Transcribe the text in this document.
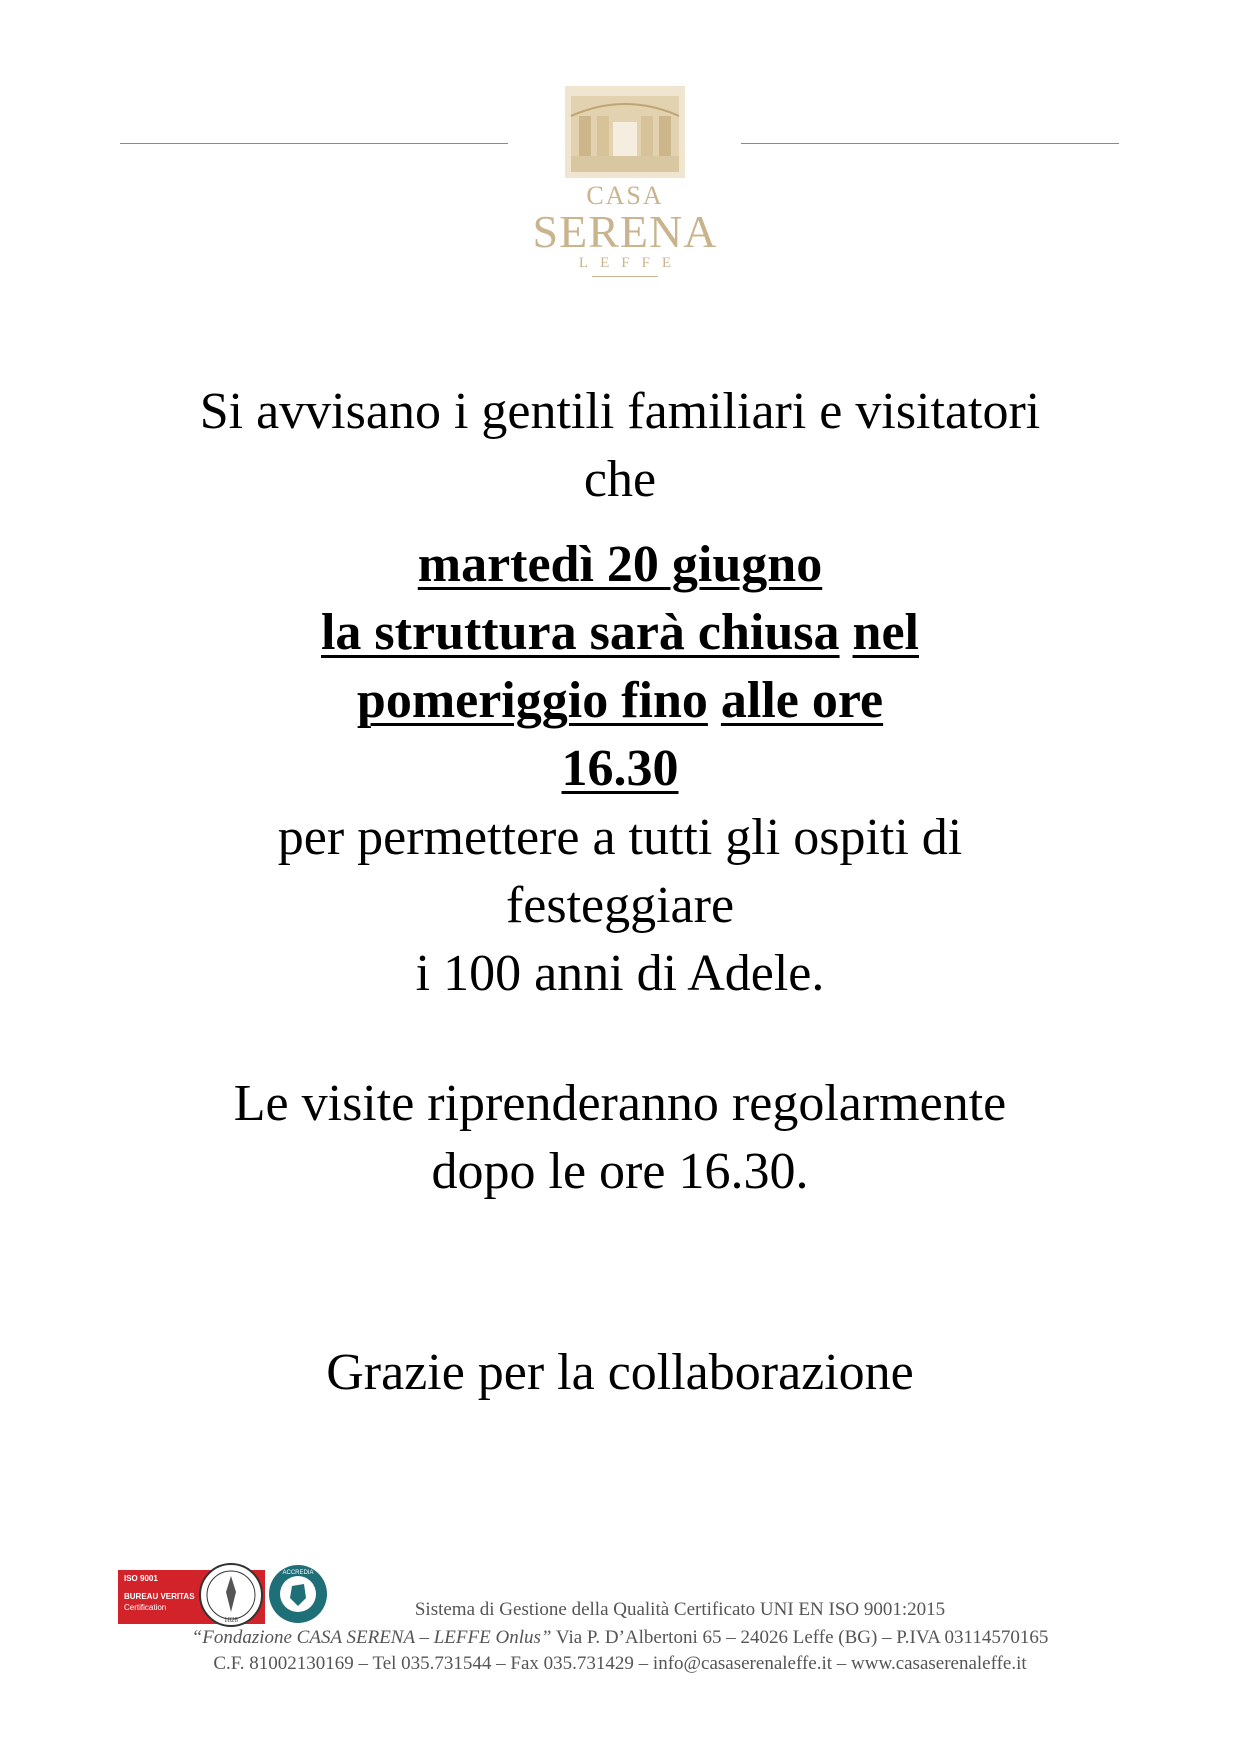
CASA
SERENA
LEFFE
Si avvisano i gentili familiari e visitatori
che
martedì 20 giugno
la struttura sarà chiusa nel
pomeriggio fino alle ore
16.30
per permettere a tutti gli ospiti di
festeggiare
i 100 anni di Adele.
Le visite riprenderanno regolarmente
dopo le ore 16.30.
Grazie per la collaborazione
ISO 9001
BUREAU VERITAS
Certification
1828
ACCREDIA
Sistema di Gestione della Qualità Certificato UNI EN ISO 9001:2015
“Fondazione CASA SERENA – LEFFE Onlus” Via P. D’Albertoni 65 – 24026 Leffe (BG) – P.IVA 03114570165
C.F. 81002130169 – Tel 035.731544 – Fax 035.731429 – info@casaserenaleffe.it – www.casaserenaleffe.it
